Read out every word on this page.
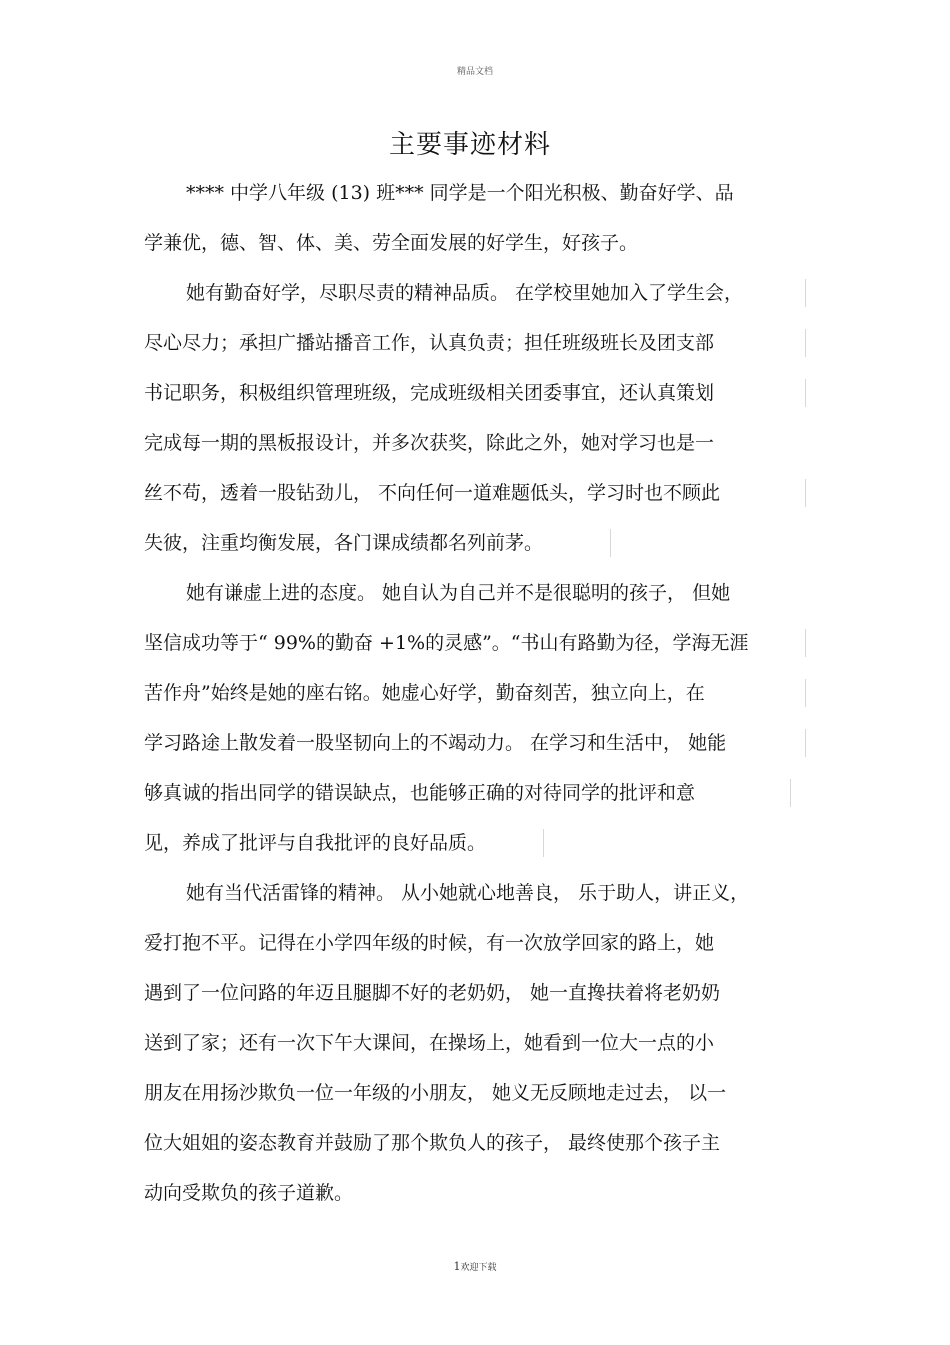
精品文档
主要事迹材料
**** 中学八年级 (13) 班*** 同学是一个阳光积极、勤奋好学、品
学兼优，德、智、体、美、劳全面发展的好学生，好孩子。
她有勤奋好学，尽职尽责的精神品质。 在学校里她加入了学生会，
尽心尽力；承担广播站播音工作，认真负责；担任班级班长及团支部
书记职务，积极组织管理班级，完成班级相关团委事宜，还认真策划
完成每一期的黑板报设计，并多次获奖，除此之外，她对学习也是一
丝不苟，透着一股钻劲儿， 不向任何一道难题低头，学习时也不顾此
失彼，注重均衡发展，各门课成绩都名列前茅。
她有谦虚上进的态度。 她自认为自己并不是很聪明的孩子， 但她
坚信成功等于“ 99%的勤奋 +1%的灵感”。“书山有路勤为径，学海无涯
苦作舟”始终是她的座右铭。她虚心好学，勤奋刻苦，独立向上，在
学习路途上散发着一股坚韧向上的不竭动力。 在学习和生活中， 她能
够真诚的指出同学的错误缺点，也能够正确的对待同学的批评和意
见，养成了批评与自我批评的良好品质。
她有当代活雷锋的精神。 从小她就心地善良， 乐于助人，讲正义，
爱打抱不平。记得在小学四年级的时候，有一次放学回家的路上，她
遇到了一位问路的年迈且腿脚不好的老奶奶， 她一直搀扶着将老奶奶
送到了家；还有一次下午大课间，在操场上，她看到一位大一点的小
朋友在用扬沙欺负一位一年级的小朋友， 她义无反顾地走过去， 以一
位大姐姐的姿态教育并鼓励了那个欺负人的孩子， 最终使那个孩子主
动向受欺负的孩子道歉。
1欢迎下载
